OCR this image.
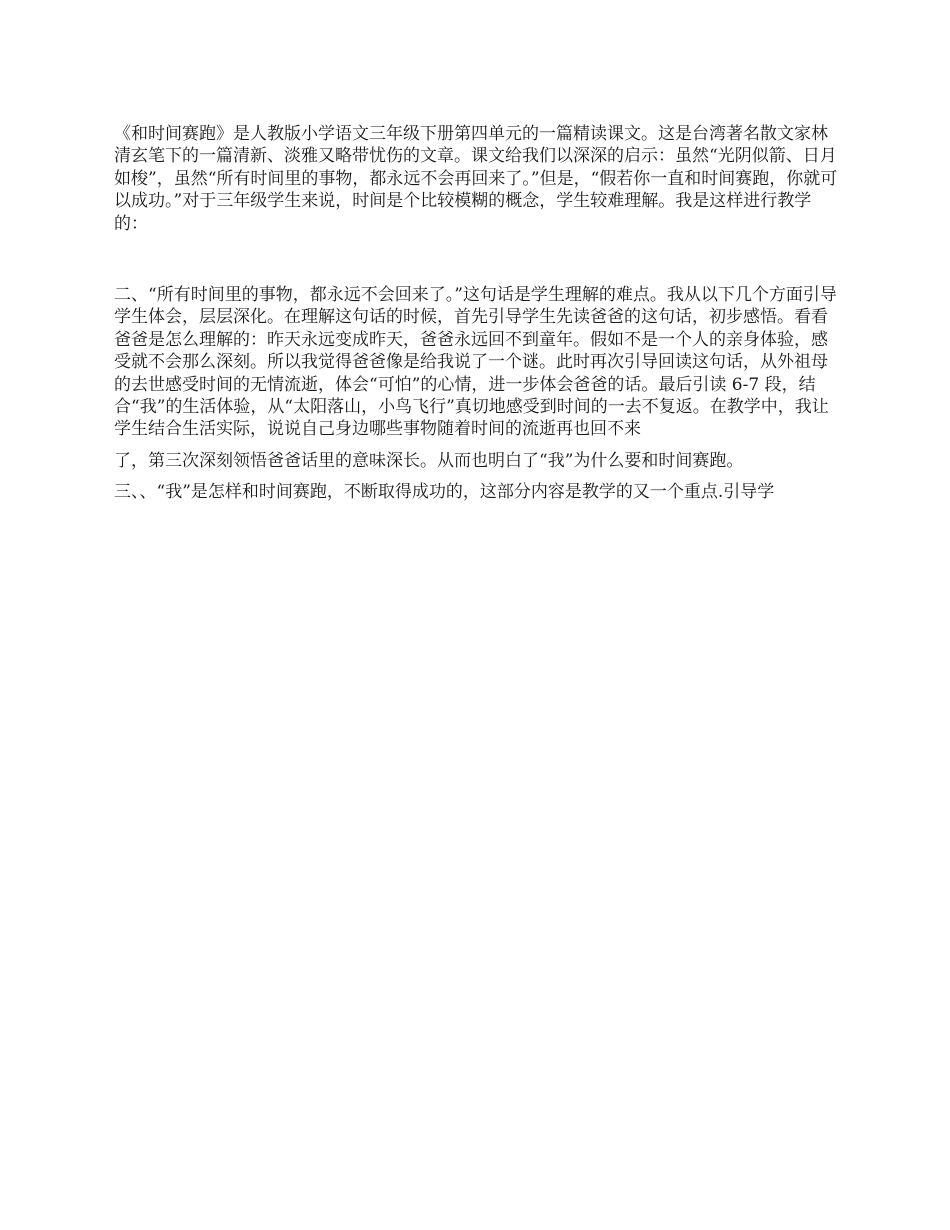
《和时间赛跑》是人教版小学语文三年级下册第四单元的一篇精读课文。这是台湾著名散文家林清玄笔下的一篇清新、淡雅又略带忧伤的文章。课文给我们以深深的启示：虽然“光阴似箭、日月如梭”，虽然“所有时间里的事物，都永远不会再回来了。”但是，“假若你一直和时间赛跑，你就可以成功。”对于三年级学生来说，时间是个比较模糊的概念，学生较难理解。我是这样进行教学的：

二、“所有时间里的事物，都永远不会回来了。”这句话是学生理解的难点。我从以下几个方面引导学生体会，层层深化。在理解这句话的时候，首先引导学生先读爸爸的这句话，初步感悟。看看爸爸是怎么理解的：昨天永远变成昨天，爸爸永远回不到童年。假如不是一个人的亲身体验，感受就不会那么深刻。所以我觉得爸爸像是给我说了一个谜。此时再次引导回读这句话，从外祖母的去世感受时间的无情流逝，体会“可怕”的心情，进一步体会爸爸的话。最后引读 6-7 段，结合“我”的生活体验，从“太阳落山，小鸟飞行”真切地感受到时间的一去不复返。在教学中，我让学生结合生活实际，说说自己身边哪些事物随着时间的流逝再也回不来

了，第三次深刻领悟爸爸话里的意味深长。从而也明白了“我”为什么要和时间赛跑。

三、、“我”是怎样和时间赛跑，不断取得成功的，这部分内容是教学的又一个重点.引导学
